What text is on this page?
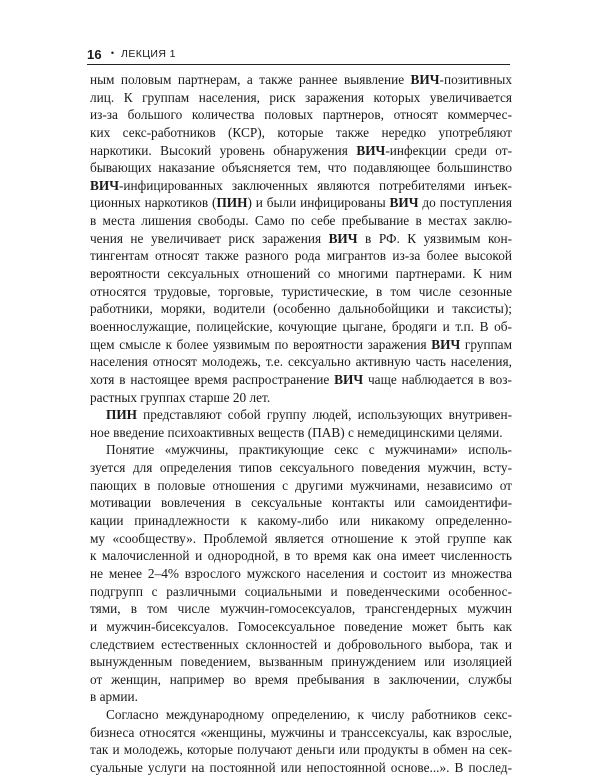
16 • ЛЕКЦИЯ 1
ным половым партнерам, а также раннее выявление ВИЧ-позитивных
лиц. К группам населения, риск заражения которых увеличивается
из-за большого количества половых партнеров, относят коммерчес-
ких секс-работников (КСР), которые также нередко употребляют
наркотики. Высокий уровень обнаружения ВИЧ-инфекции среди от-
бывающих наказание объясняется тем, что подавляющее большинство
ВИЧ-инфицированных заключенных являются потребителями инъек-
ционных наркотиков (ПИН) и были инфицированы ВИЧ до поступления
в места лишения свободы. Само по себе пребывание в местах заклю-
чения не увеличивает риск заражения ВИЧ в РФ. К уязвимым кон-
тингентам относят также разного рода мигрантов из-за более высокой
вероятности сексуальных отношений со многими партнерами. К ним
относятся трудовые, торговые, туристические, в том числе сезонные
работники, моряки, водители (особенно дальнобойщики и таксисты);
военнослужащие, полицейские, кочующие цыгане, бродяги и т.п. В об-
щем смысле к более уязвимым по вероятности заражения ВИЧ группам
населения относят молодежь, т.е. сексуально активную часть населения,
хотя в настоящее время распространение ВИЧ чаще наблюдается в воз-
растных группах старше 20 лет.
ПИН представляют собой группу людей, использующих внутривен-
ное введение психоактивных веществ (ПАВ) с немедицинскими целями.
Понятие «мужчины, практикующие секс с мужчинами» исполь-
зуется для определения типов сексуального поведения мужчин, всту-
пающих в половые отношения с другими мужчинами, независимо от
мотивации вовлечения в сексуальные контакты или самоидентифи-
кации принадлежности к какому-либо или никакому определенно-
му «сообществу». Проблемой является отношение к этой группе как
к малочисленной и однородной, в то время как она имеет численность
не менее 2–4% взрослого мужского населения и состоит из множества
подгрупп с различными социальными и поведенческими особеннос-
тями, в том числе мужчин-гомосексуалов, трансгендерных мужчин
и мужчин-бисексуалов. Гомосексуальное поведение может быть как
следствием естественных склонностей и добровольного выбора, так и
вынужденным поведением, вызванным принуждением или изоляцией
от женщин, например во время пребывания в заключении, службы
в армии.
Согласно международному определению, к числу работников секс-
бизнеса относятся «женщины, мужчины и транссексуалы, как взрослые,
так и молодежь, которые получают деньги или продукты в обмен на сек-
суальные услуги на постоянной или непостоянной основе...». В послед-
